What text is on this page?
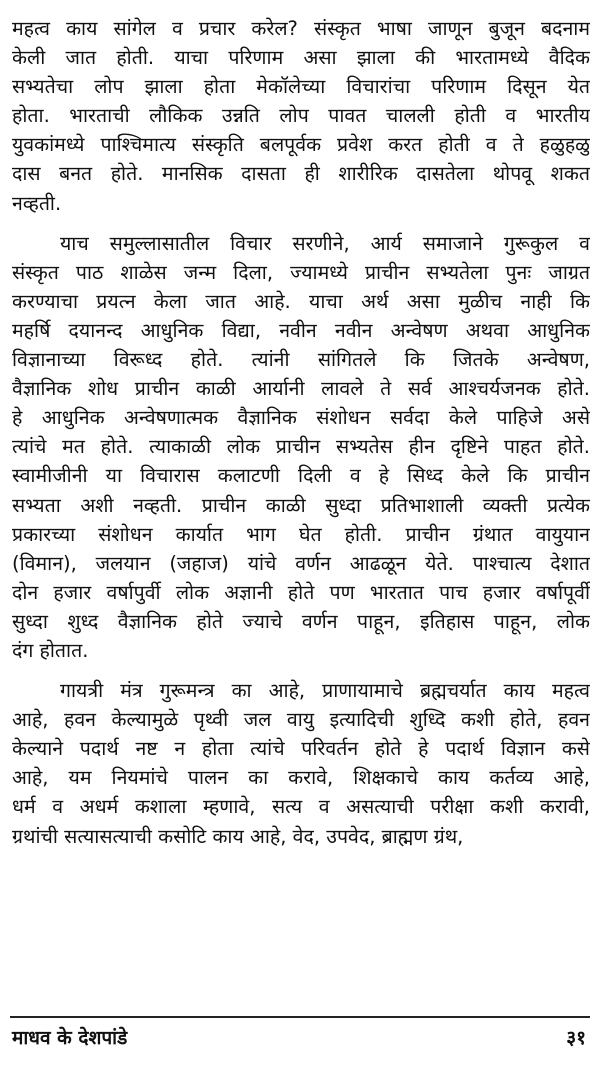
महत्व काय सांगेल व प्रचार करेल? संस्कृत भाषा जाणून बुजून बदनाम
केली जात होती. याचा परिणाम असा झाला की भारतामध्ये वैदिक
सभ्यतेचा लोप झाला होता मेकॉलेच्या विचारांचा परिणाम दिसून येत
होता. भारताची लौकिक उन्नति लोप पावत चालली होती व भारतीय
युवकांमध्ये पाश्चिमात्य संस्कृति बलपूर्वक प्रवेश करत होती व ते हळुहळु
दास बनत होते. मानसिक दासता ही शारीरिक दासतेला थोपवू शकत
नव्हती.
याच समुल्लासातील विचार सरणीने, आर्य समाजाने गुरूकुल व
संस्कृत पाठ शाळेस जन्म दिला, ज्यामध्ये प्राचीन सभ्यतेला पुनः जाग्रत
करण्याचा प्रयत्न केला जात आहे. याचा अर्थ असा मुळीच नाही कि
महर्षि दयानन्द आधुनिक विद्या, नवीन नवीन अन्वेषण अथवा आधुनिक
विज्ञानाच्या विरूध्द होते. त्यांनी सांगितले कि जितके अन्वेषण,
वैज्ञानिक शोध प्राचीन काळी आर्यानी लावले ते सर्व आश्चर्यजनक होते.
हे आधुनिक अन्वेषणात्मक वैज्ञानिक संशोधन सर्वदा केले पाहिजे असे
त्यांचे मत होते. त्याकाळी लोक प्राचीन सभ्यतेस हीन दृष्टिने पाहत होते.
स्वामीजीनी या विचारास कलाटणी दिली व हे सिध्द केले कि प्राचीन
सभ्यता अशी नव्हती. प्राचीन काळी सुध्दा प्रतिभाशाली व्यक्ती प्रत्येक
प्रकारच्या संशोधन कार्यात भाग घेत होती. प्राचीन ग्रंथात वायुयान
(विमान), जलयान (जहाज) यांचे वर्णन आढळून येते. पाश्चात्य देशात
दोन हजार वर्षापुर्वी लोक अज्ञानी होते पण भारतात पाच हजार वर्षापूर्वी
सुध्दा शुध्द वैज्ञानिक होते ज्याचे वर्णन पाहून, इतिहास पाहून, लोक
दंग होतात.
गायत्री मंत्र गुरूमन्त्र का आहे, प्राणायामाचे ब्रह्मचर्यात काय महत्व
आहे, हवन केल्यामुळे पृथ्वी जल वायु इत्यादिची शुध्दि कशी होते, हवन
केल्याने पदार्थ नष्ट न होता त्यांचे परिवर्तन होते हे पदार्थ विज्ञान कसे
आहे, यम नियमांचे पालन का करावे, शिक्षकाचे काय कर्तव्य आहे,
धर्म व अधर्म कशाला म्हणावे, सत्य व असत्याची परीक्षा कशी करावी,
ग्रथांची सत्यासत्याची कसोटि काय आहे, वेद, उपवेद, ब्राह्मण ग्रंथ,
माधव के देशपांडे	३१
